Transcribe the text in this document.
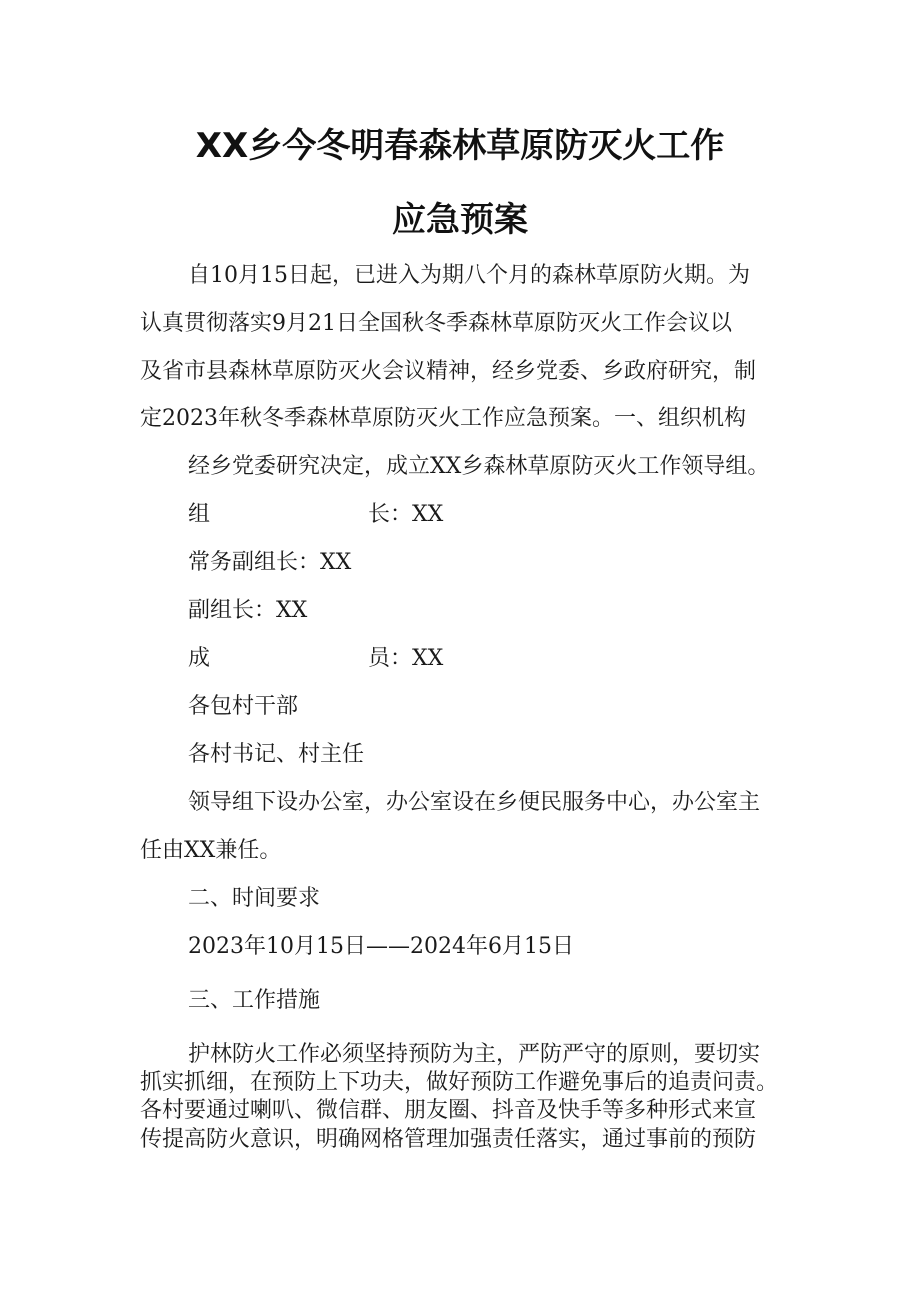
XX乡今冬明春森林草原防灭火工作
应急预案

自10月15日起，已进入为期八个月的森林草原防火期。为

认真贯彻落实9月21日全国秋冬季森林草原防灭火工作会议以

及省市县森林草原防灭火会议精神，经乡党委、乡政府研究，制

定2023年秋冬季森林草原防灭火工作应急预案。一、组织机构

经乡党委研究决定，成立XX乡森林草原防灭火工作领导组。

组	长：XX

常务副组长：XX

副组长：XX

成	员：XX

各包村干部

各村书记、村主任

领导组下设办公室，办公室设在乡便民服务中心，办公室主

任由XX兼任。

二、时间要求

2023年10月15日——2024年6月15日

三、工作措施

护林防火工作必须坚持预防为主，严防严守的原则，要切实

抓实抓细，在预防上下功夫，做好预防工作避免事后的追责问责。

各村要通过喇叭、微信群、朋友圈、抖音及快手等多种形式来宣

传提高防火意识，明确网格管理加强责任落实，通过事前的预防
